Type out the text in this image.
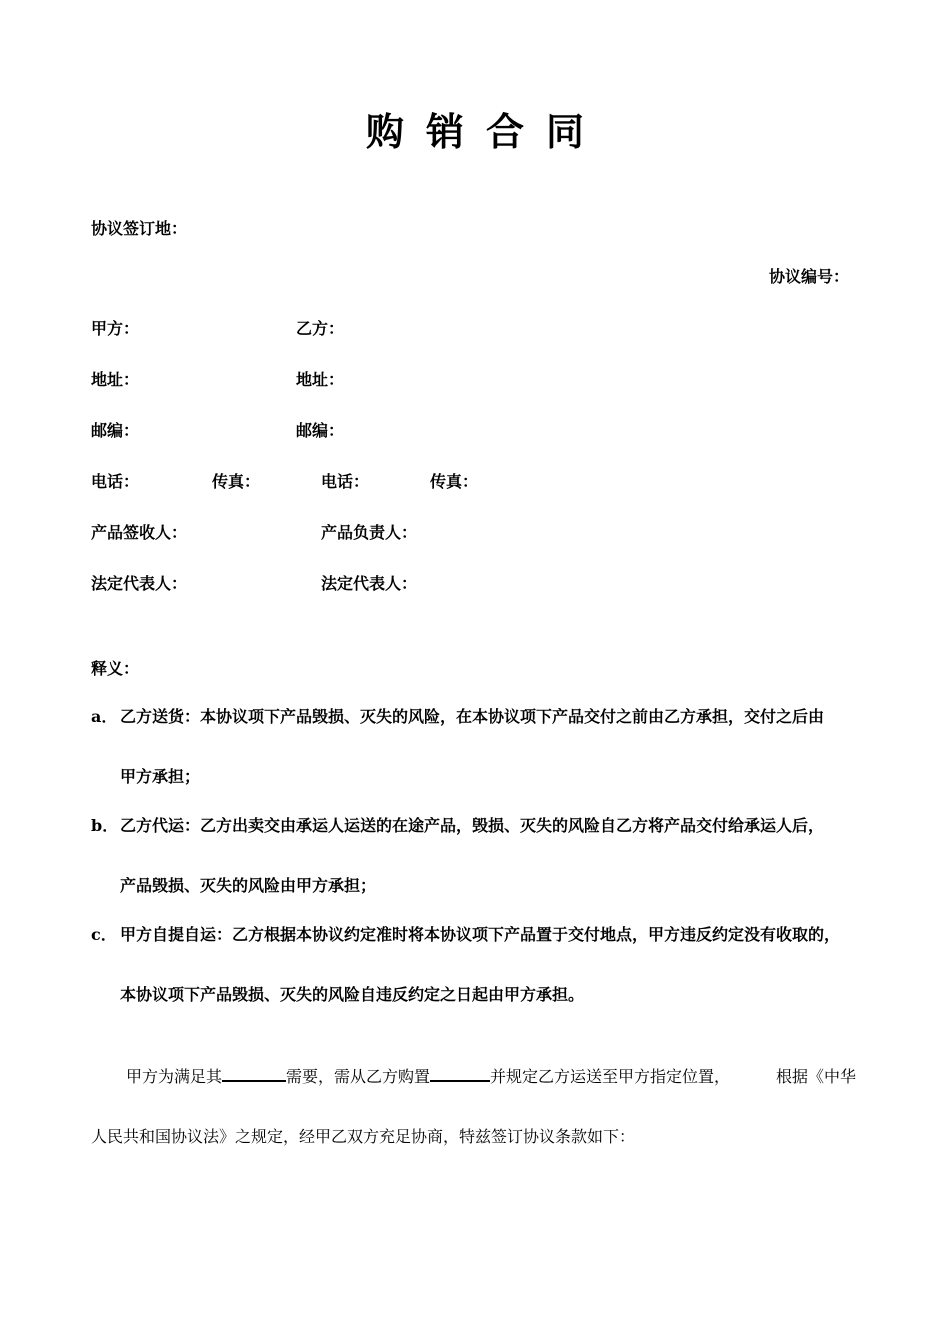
购销合同
协议签订地：
协议编号：
甲方：	乙方：
地址：	地址：
邮编：	邮编：
电话：	传真：	电话：	传真：
产品签收人：	产品负责人：
法定代表人：	法定代表人：
释义：
a． 乙方送货：本协议项下产品毁损、灭失的风险，在本协议项下产品交付之前由乙方承担，交付之后由
甲方承担；
b． 乙方代运：乙方出卖交由承运人运送的在途产品，毁损、灭失的风险自乙方将产品交付给承运人后，
产品毁损、灭失的风险由甲方承担；
c． 甲方自提自运：乙方根据本协议约定准时将本协议项下产品置于交付地点，甲方违反约定没有收取的，
本协议项下产品毁损、灭失的风险自违反约定之日起由甲方承担。
甲方为满足其	需要，需从乙方购置	并规定乙方运送至甲方指定位置，	根据《中华
人民共和国协议法》之规定，经甲乙双方充足协商，特兹签订协议条款如下：
